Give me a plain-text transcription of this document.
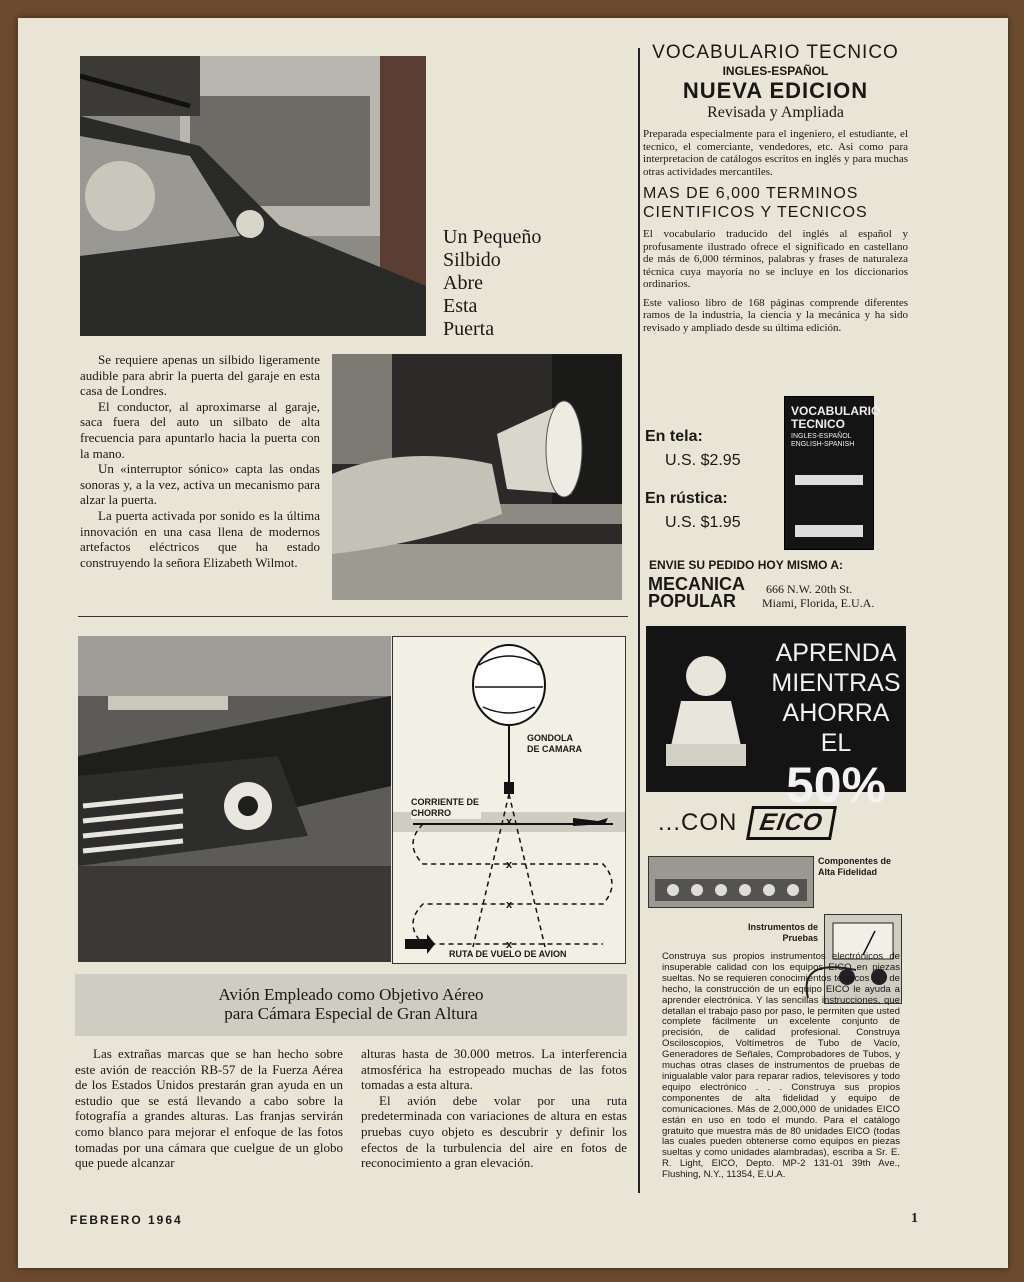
Un Pequeño
Silbido
Abre
Esta
Puerta

Se requiere apenas un silbido ligeramente audible para abrir la puerta del garaje en esta casa de Londres.

El conductor, al aproximarse al garaje, saca fuera del auto un silbato de alta frecuencia para apuntarlo hacia la puerta con la mano.

Un «interruptor sónico» capta las ondas sonoras y, a la vez, activa un mecanismo para alzar la puerta.

La puerta activada por sonido es la última innovación en una casa llena de modernos artefactos eléctricos que ha estado construyendo la señora Elizabeth Wilmot.

x
x
x
x
GONDOLA DE CAMARA
CORRIENTE DE CHORRO
RUTA DE VUELO DE AVION
Avión Empleado como Objetivo Aéreo
para Cámara Especial de Gran Altura

Las extrañas marcas que se han hecho sobre este avión de reacción RB-57 de la Fuerza Aérea de los Estados Unidos prestarán gran ayuda en un estudio que se está llevando a cabo sobre la fotografía a grandes alturas. Las franjas servirán como blanco para mejorar el enfoque de las fotos tomadas por una cámara que cuelgue de un globo que puede alcanzar

alturas hasta de 30.000 metros. La interferencia atmosférica ha estropeado muchas de las fotos tomadas a esta altura.

El avión debe volar por una ruta predeterminada con variaciones de altura en estas pruebas cuyo objeto es descubrir y definir los efectos de la turbulencia del aire en fotos de reconocimiento a gran elevación.

FEBRERO 1964	1
VOCABULARIO TECNICO
INGLES-ESPAÑOL
NUEVA EDICION
Revisada y Ampliada
Preparada especialmente para el ingeniero, el estudiante, el tecnico, el comerciante, vendedores, etc. Asi como para interpretacion de catálogos escritos en inglés y para muchas otras actividades mercantiles.
MAS DE 6,000 TERMINOS CIENTIFICOS Y TECNICOS
El vocabulario traducido del inglés al español y profusamente ilustrado ofrece el significado en castellano de más de 6,000 términos, palabras y frases de naturaleza técnica cuya mayoría no se incluye en los diccionarios ordinarios.
Este valioso libro de 168 páginas comprende diferentes ramos de la industria, la ciencia y la mecánica y ha sido revisado y ampliado desde su última edición.
En tela:
U.S. $2.95
En rústica:
U.S. $1.95
VOCABULARIO TECNICO
INGLES-ESPAÑOL ENGLISH-SPANISH
ENVIE SU PEDIDO HOY MISMO A:
MECANICA POPULAR
666 N.W. 20th St.
Miami, Florida, E.U.A.
APRENDA MIENTRAS AHORRA EL
50%
...CON EICO
Componentes de Alta Fidelidad
Instrumentos de Pruebas
Construya sus propios instrumentos electrónicos de insuperable calidad con los equipos EICO en piezas sueltas. No se requieren conocimientos técnicos . . . de hecho, la construcción de un equipo EICO le ayuda a aprender electrónica. Y las sencillas instrucciones, que detallan el trabajo paso por paso, le permiten que usted complete fácilmente un excelente conjunto de precisión, de calidad profesional. Construya Osciloscopios, Voltímetros de Tubo de Vacío, Generadores de Señales, Comprobadores de Tubos, y muchas otras clases de instrumentos de pruebas de inigualable valor para reparar radios, televisores y todo equipo electrónico . . . Construya sus propios componentes de alta fidelidad y equipo de comunicaciones. Más de 2,000,000 de unidades EICO están en uso en todo el mundo. Para el catálogo gratuito que muestra más de 80 unidades EICO (todas las cuales pueden obtenerse como equipos en piezas sueltas y como unidades alambradas), escriba a Sr. E. R. Light, EICO, Depto. MP-2 131-01 39th Ave., Flushing, N.Y., 11354, E.U.A.
